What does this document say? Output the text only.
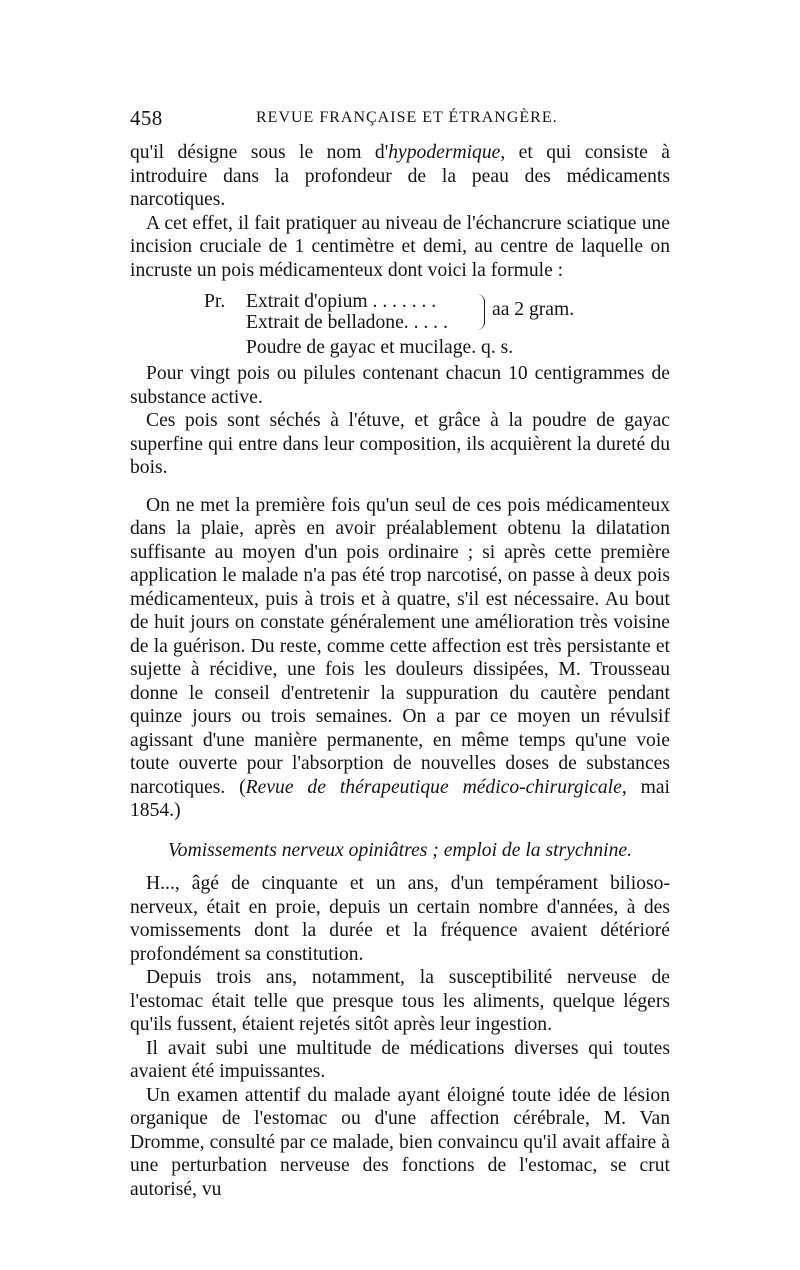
458	REVUE FRANÇAISE ET ÉTRANGÈRE.

qu'il désigne sous le nom d'hypodermique, et qui consiste à introduire dans la profondeur de la peau des médicaments narcotiques.

A cet effet, il fait pratiquer au niveau de l'échancrure sciatique une incision cruciale de 1 centimètre et demi, au centre de laquelle on incruste un pois médicamenteux dont voici la formule :

Pr. Extrait d'opium . . . . . . .
Extrait de belladone. . . . .
aa 2 gram.
Poudre de gayac et mucilage. q. s.

Pour vingt pois ou pilules contenant chacun 10 centigrammes de substance active.

Ces pois sont séchés à l'étuve, et grâce à la poudre de gayac superfine qui entre dans leur composition, ils acquièrent la dureté du bois.

On ne met la première fois qu'un seul de ces pois médicamenteux dans la plaie, après en avoir préalablement obtenu la dilatation suffisante au moyen d'un pois ordinaire ; si après cette première application le malade n'a pas été trop narcotisé, on passe à deux pois médicamenteux, puis à trois et à quatre, s'il est nécessaire. Au bout de huit jours on constate généralement une amélioration très voisine de la guérison. Du reste, comme cette affection est très persistante et sujette à récidive, une fois les douleurs dissipées, M. Trousseau donne le conseil d'entretenir la suppuration du cautère pendant quinze jours ou trois semaines. On a par ce moyen un révulsif agissant d'une manière permanente, en même temps qu'une voie toute ouverte pour l'absorption de nouvelles doses de substances narcotiques. (Revue de thérapeutique médico-chirurgicale, mai 1854.)

Vomissements nerveux opiniâtres ; emploi de la strychnine.

H..., âgé de cinquante et un ans, d'un tempérament bilioso-nerveux, était en proie, depuis un certain nombre d'années, à des vomissements dont la durée et la fréquence avaient détérioré profondément sa constitution.

Depuis trois ans, notamment, la susceptibilité nerveuse de l'estomac était telle que presque tous les aliments, quelque légers qu'ils fussent, étaient rejetés sitôt après leur ingestion.

Il avait subi une multitude de médications diverses qui toutes avaient été impuissantes.

Un examen attentif du malade ayant éloigné toute idée de lésion organique de l'estomac ou d'une affection cérébrale, M. Van Dromme, consulté par ce malade, bien convaincu qu'il avait affaire à une perturbation nerveuse des fonctions de l'estomac, se crut autorisé, vu
